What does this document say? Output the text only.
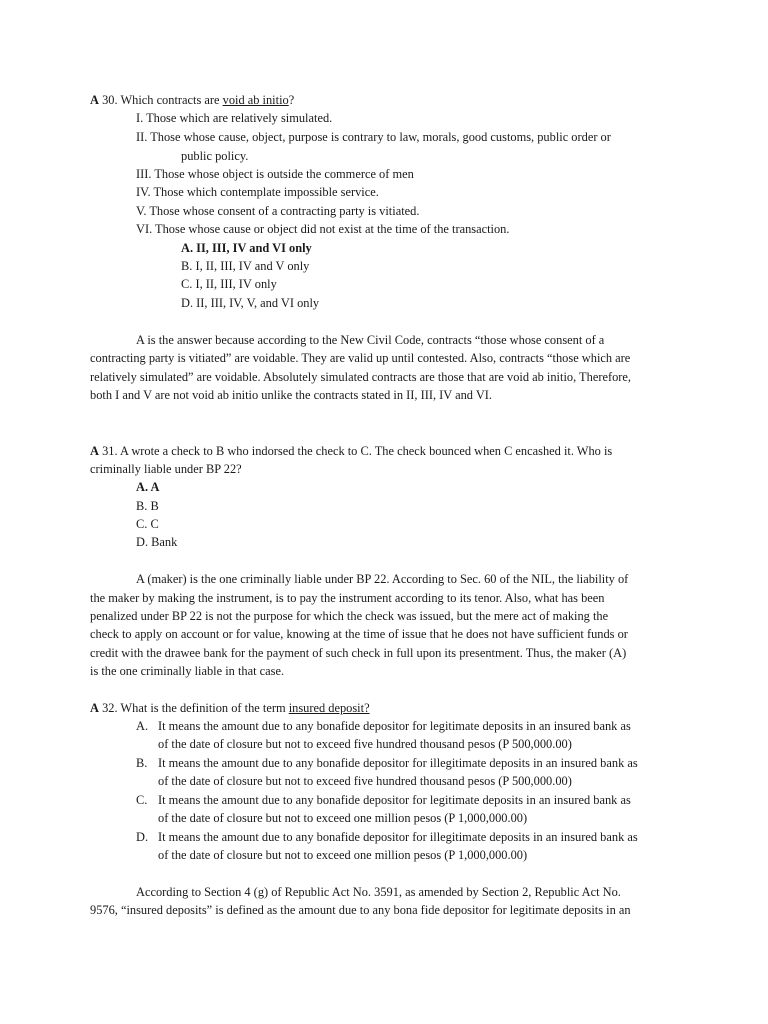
A 30. Which contracts are void ab initio?
I. Those which are relatively simulated.
II. Those whose cause, object, purpose is contrary to law, morals, good customs, public order or
public policy.
III. Those whose object is outside the commerce of men
IV. Those which contemplate impossible service.
V. Those whose consent of a contracting party is vitiated.
VI. Those whose cause or object did not exist at the time of the transaction.
A. II, III, IV and VI only
B. I, II, III, IV and V only
C. I, II, III, IV only
D. II, III, IV, V, and VI only
A is the answer because according to the New Civil Code, contracts “those whose consent of a
contracting party is vitiated” are voidable. They are valid up until contested. Also, contracts “those which are
relatively simulated” are voidable. Absolutely simulated contracts are those that are void ab initio, Therefore,
both I and V are not void ab initio unlike the contracts stated in II, III, IV and VI.
A 31. A wrote a check to B who indorsed the check to C. The check bounced when C encashed it. Who is
criminally liable under BP 22?
A. A
B. B
C. C
D. Bank
A (maker) is the one criminally liable under BP 22. According to Sec. 60 of the NIL, the liability of
the maker by making the instrument, is to pay the instrument according to its tenor. Also, what has been
penalized under BP 22 is not the purpose for which the check was issued, but the mere act of making the
check to apply on account or for value, knowing at the time of issue that he does not have sufficient funds or
credit with the drawee bank for the payment of such check in full upon its presentment. Thus, the maker (A)
is the one criminally liable in that case.
A 32. What is the definition of the term insured deposit?
A. It means the amount due to any bonafide depositor for legitimate deposits in an insured bank as
of the date of closure but not to exceed five hundred thousand pesos (P 500,000.00)
B. It means the amount due to any bonafide depositor for illegitimate deposits in an insured bank as
of the date of closure but not to exceed five hundred thousand pesos (P 500,000.00)
C. It means the amount due to any bonafide depositor for legitimate deposits in an insured bank as
of the date of closure but not to exceed one million pesos (P 1,000,000.00)
D. It means the amount due to any bonafide depositor for illegitimate deposits in an insured bank as
of the date of closure but not to exceed one million pesos (P 1,000,000.00)
According to Section 4 (g) of Republic Act No. 3591, as amended by Section 2, Republic Act No.
9576, “insured deposits” is defined as the amount due to any bona fide depositor for legitimate deposits in an
